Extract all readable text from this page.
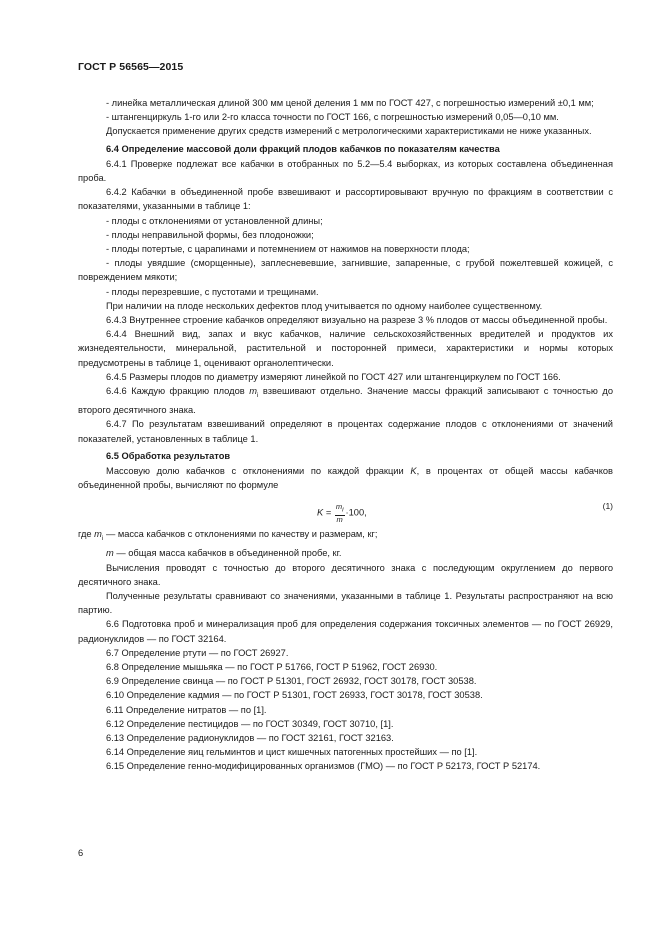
ГОСТ Р 56565—2015

- линейка металлическая длиной 300 мм ценой деления 1 мм по ГОСТ 427, с погрешностью измерений ±0,1 мм;

- штангенциркуль 1-го или 2-го класса точности по ГОСТ 166, с погрешностью измерений 0,05—0,10 мм.

Допускается применение других средств измерений с метрологическими характеристиками не ниже указанных.

6.4 Определение массовой доли фракций плодов кабачков по показателям качества

6.4.1 Проверке подлежат все кабачки в отобранных по 5.2—5.4 выборках, из которых составлена объединенная проба.

6.4.2 Кабачки в объединенной пробе взвешивают и рассортировывают вручную по фракциям в соответствии с показателями, указанными в таблице 1:

- плоды с отклонениями от установленной длины;

- плоды неправильной формы, без плодоножки;

- плоды потертые, с царапинами и потемнением от нажимов на поверхности плода;

- плоды увядшие (сморщенные), заплесневевшие, загнившие, запаренные, с грубой пожелтевшей кожицей, с повреждением мякоти;

- плоды перезревшие, с пустотами и трещинами.

При наличии на плоде нескольких дефектов плод учитывается по одному наиболее существенному.

6.4.3 Внутреннее строение кабачков определяют визуально на разрезе 3 % плодов от массы объединенной пробы.

6.4.4 Внешний вид, запах и вкус кабачков, наличие сельскохозяйственных вредителей и продуктов их жизнедеятельности, минеральной, растительной и посторонней примеси, характеристики и нормы которых предусмотрены в таблице 1, оценивают органолептически.

6.4.5 Размеры плодов по диаметру измеряют линейкой по ГОСТ 427 или штангенциркулем по ГОСТ 166.

6.4.6 Каждую фракцию плодов $m_i$ взвешивают отдельно. Значение массы фракций записывают с точностью до второго десятичного знака.

6.4.7 По результатам взвешиваний определяют в процентах содержание плодов с отклонениями от значений показателей, установленных в таблице 1.

6.5 Обработка результатов

Массовую долю кабачков с отклонениями по каждой фракции K, в процентах от общей массы кабачков объединенной пробы, вычисляют по формуле

$K = \frac{m_i}{m} \cdot 100$,
(1)

где $m_i$ — масса кабачков с отклонениями по качеству и размерам, кг;

m — общая масса кабачков в объединенной пробе, кг.

Вычисления проводят с точностью до второго десятичного знака с последующим округлением до первого десятичного знака.

Полученные результаты сравнивают со значениями, указанными в таблице 1. Результаты распространяют на всю партию.

6.6 Подготовка проб и минерализация проб для определения содержания токсичных элементов — по ГОСТ 26929, радионуклидов — по ГОСТ 32164.

6.7 Определение ртути — по ГОСТ 26927.

6.8 Определение мышьяка — по ГОСТ Р 51766, ГОСТ Р 51962, ГОСТ 26930.

6.9 Определение свинца — по ГОСТ Р 51301, ГОСТ 26932, ГОСТ 30178, ГОСТ 30538.

6.10 Определение кадмия — по ГОСТ Р 51301, ГОСТ 26933, ГОСТ 30178, ГОСТ 30538.

6.11 Определение нитратов — по [1].

6.12 Определение пестицидов — по ГОСТ 30349, ГОСТ 30710, [1].

6.13 Определение радионуклидов — по ГОСТ 32161, ГОСТ 32163.

6.14 Определение яиц гельминтов и цист кишечных патогенных простейших — по [1].

6.15 Определение генно-модифицированных организмов (ГМО) — по ГОСТ Р 52173, ГОСТ Р 52174.

6
